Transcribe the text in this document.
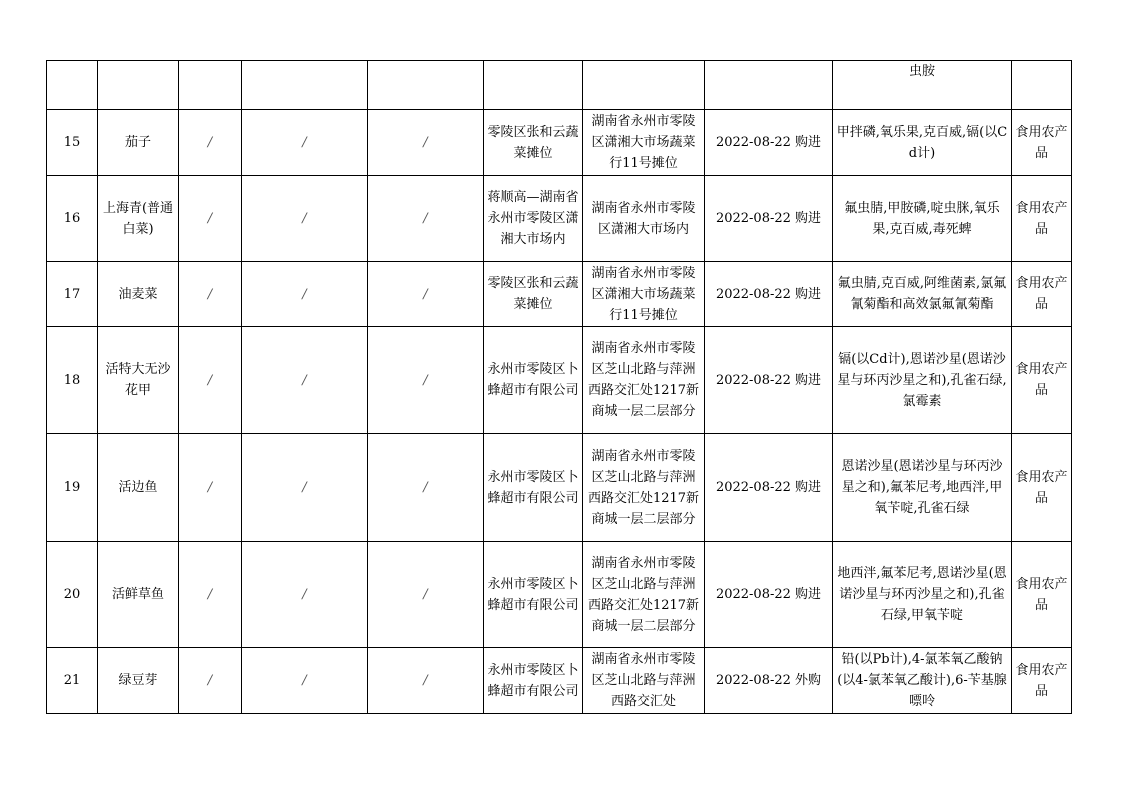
								虫胺	
15	茄子	/	/	/	零陵区张和云蔬菜摊位	湖南省永州市零陵区潇湘大市场蔬菜行11号摊位	2022-08-22 购进	甲拌磷,氧乐果,克百威,镉(以Cd计)	食用农产品
16	上海青(普通白菜)	/	/	/	蒋顺高—湖南省永州市零陵区潇湘大市场内	湖南省永州市零陵区潇湘大市场内	2022-08-22 购进	氟虫腈,甲胺磷,啶虫脒,氧乐果,克百威,毒死蜱	食用农产品
17	油麦菜	/	/	/	零陵区张和云蔬菜摊位	湖南省永州市零陵区潇湘大市场蔬菜行11号摊位	2022-08-22 购进	氟虫腈,克百威,阿维菌素,氯氟氰菊酯和高效氯氟氰菊酯	食用农产品
18	活特大无沙花甲	/	/	/	永州市零陵区卜蜂超市有限公司	湖南省永州市零陵区芝山北路与萍洲西路交汇处1217新商城一层二层部分	2022-08-22 购进	镉(以Cd计),恩诺沙星(恩诺沙星与环丙沙星之和),孔雀石绿,氯霉素	食用农产品
19	活边鱼	/	/	/	永州市零陵区卜蜂超市有限公司	湖南省永州市零陵区芝山北路与萍洲西路交汇处1217新商城一层二层部分	2022-08-22 购进	恩诺沙星(恩诺沙星与环丙沙星之和),氟苯尼考,地西泮,甲氧苄啶,孔雀石绿	食用农产品
20	活鲜草鱼	/	/	/	永州市零陵区卜蜂超市有限公司	湖南省永州市零陵区芝山北路与萍洲西路交汇处1217新商城一层二层部分	2022-08-22 购进	地西泮,氟苯尼考,恩诺沙星(恩诺沙星与环丙沙星之和),孔雀石绿,甲氧苄啶	食用农产品
21	绿豆芽	/	/	/	永州市零陵区卜蜂超市有限公司	湖南省永州市零陵区芝山北路与萍洲西路交汇处	2022-08-22 外购	铅(以Pb计),4-氯苯氧乙酸钠(以4-氯苯氧乙酸计),6-苄基腺嘌呤	食用农产品
